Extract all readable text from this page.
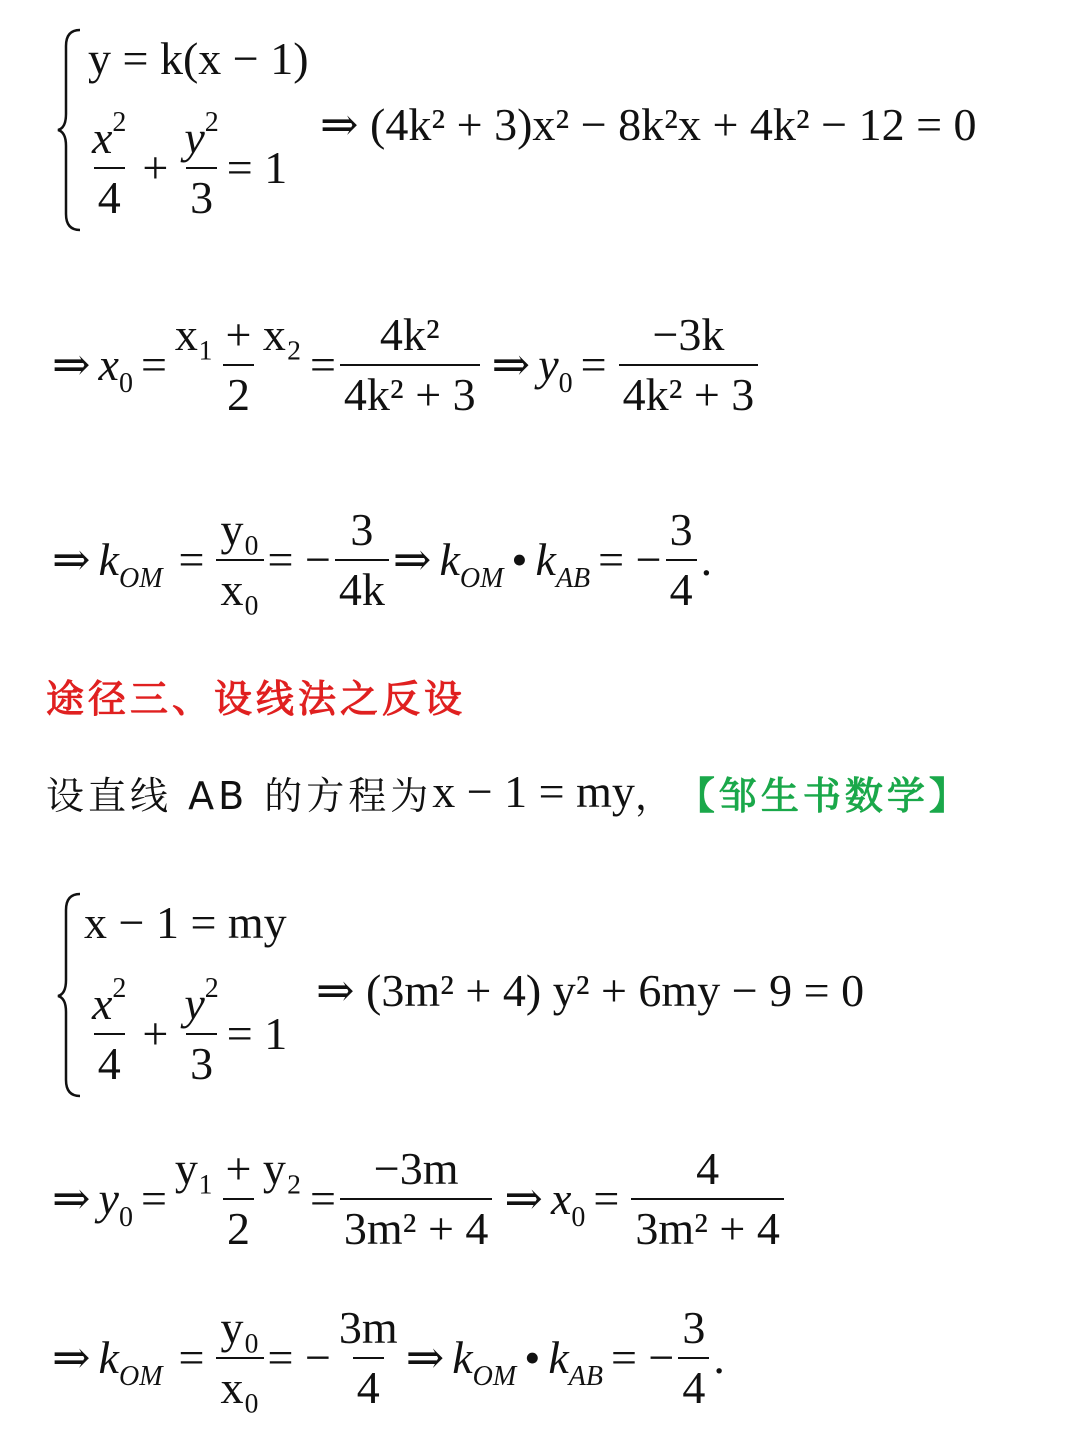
y = k(x − 1)
$\frac{x^2}{4} + \frac{y^2}{3} = 1$
⇒ (4k² + 3)x² − 8k²x + 4k² − 12 = 0
⇒ $x_0 = \frac{\text{x₁ + x₂}}{2} = \frac{\text{4k²}}{\text{4k² + 3}}$ ⇒ $y_0 = \frac{-3k}{\text{4k² + 3}}$
⇒ $k_{OM} = \frac{\text{y₀}}{\text{x₀}}$ = − $\frac{3}{4k}$ ⇒ $k_{OM}$ • $k_{AB}$ = − $\frac{3}{4}$ .
途径三、设线法之反设
设直线 AB 的方程为 x − 1 = my ， 【邹生书数学】
x − 1 = my
$\frac{x^2}{4} + \frac{y^2}{3} = 1$
⇒ (3m² + 4) y² + 6my − 9 = 0
⇒ $y_0 = \frac{\text{y₁ + y₂}}{2} = \frac{-3m}{\text{3m² + 4}}$ ⇒ $x_0 = \frac{4}{\text{3m² + 4}}$
⇒ $k_{OM} = \frac{\text{y₀}}{\text{x₀}}$ = − $\frac{3m}{4}$ ⇒ $k_{OM}$ • $k_{AB}$ = − $\frac{3}{4}$ .
